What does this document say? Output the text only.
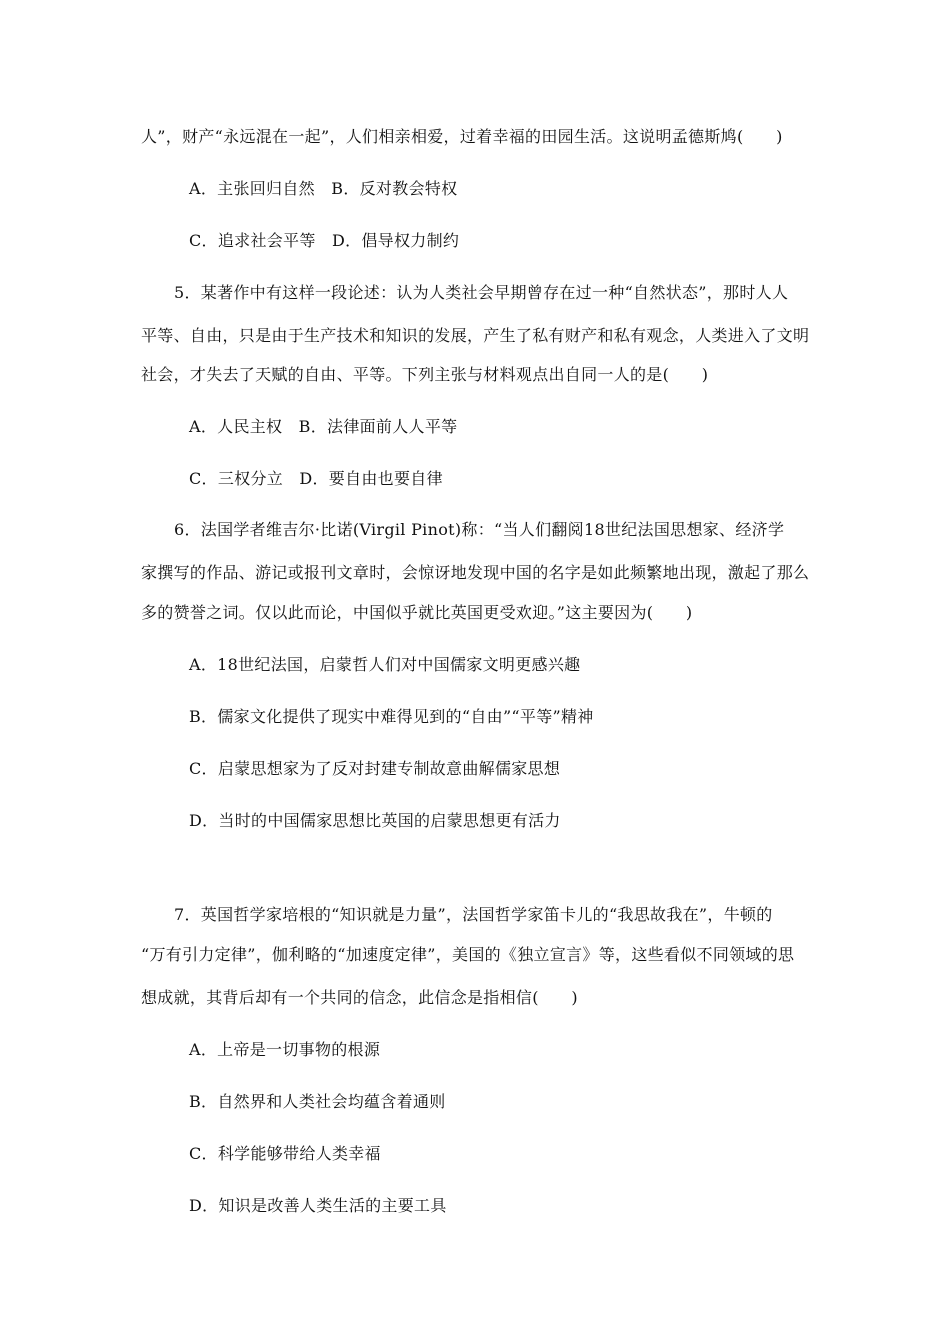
人”，财产“永远混在一起”，人们相亲相爱，过着幸福的田园生活。这说明孟德斯鸠(　　)
A．主张回归自然　B．反对教会特权
C．追求社会平等　D．倡导权力制约
5．某著作中有这样一段论述：认为人类社会早期曾存在过一种“自然状态”，那时人人
平等、自由，只是由于生产技术和知识的发展，产生了私有财产和私有观念，人类进入了文明
社会，才失去了天赋的自由、平等。下列主张与材料观点出自同一人的是(　　)
A．人民主权　B．法律面前人人平等
C．三权分立　D．要自由也要自律
6．法国学者维吉尔·比诺(Virgil Pinot)称：“当人们翻阅18世纪法国思想家、经济学
家撰写的作品、游记或报刊文章时，会惊讶地发现中国的名字是如此频繁地出现，激起了那么
多的赞誉之词。仅以此而论，中国似乎就比英国更受欢迎。”这主要因为(　　)
A．18世纪法国，启蒙哲人们对中国儒家文明更感兴趣
B．儒家文化提供了现实中难得见到的“自由”“平等”精神
C．启蒙思想家为了反对封建专制故意曲解儒家思想
D．当时的中国儒家思想比英国的启蒙思想更有活力
7．英国哲学家培根的“知识就是力量”，法国哲学家笛卡儿的“我思故我在”，牛顿的
“万有引力定律”，伽利略的“加速度定律”，美国的《独立宣言》等，这些看似不同领域的思
想成就，其背后却有一个共同的信念，此信念是指相信(　　)
A．上帝是一切事物的根源
B．自然界和人类社会均蕴含着通则
C．科学能够带给人类幸福
D．知识是改善人类生活的主要工具
